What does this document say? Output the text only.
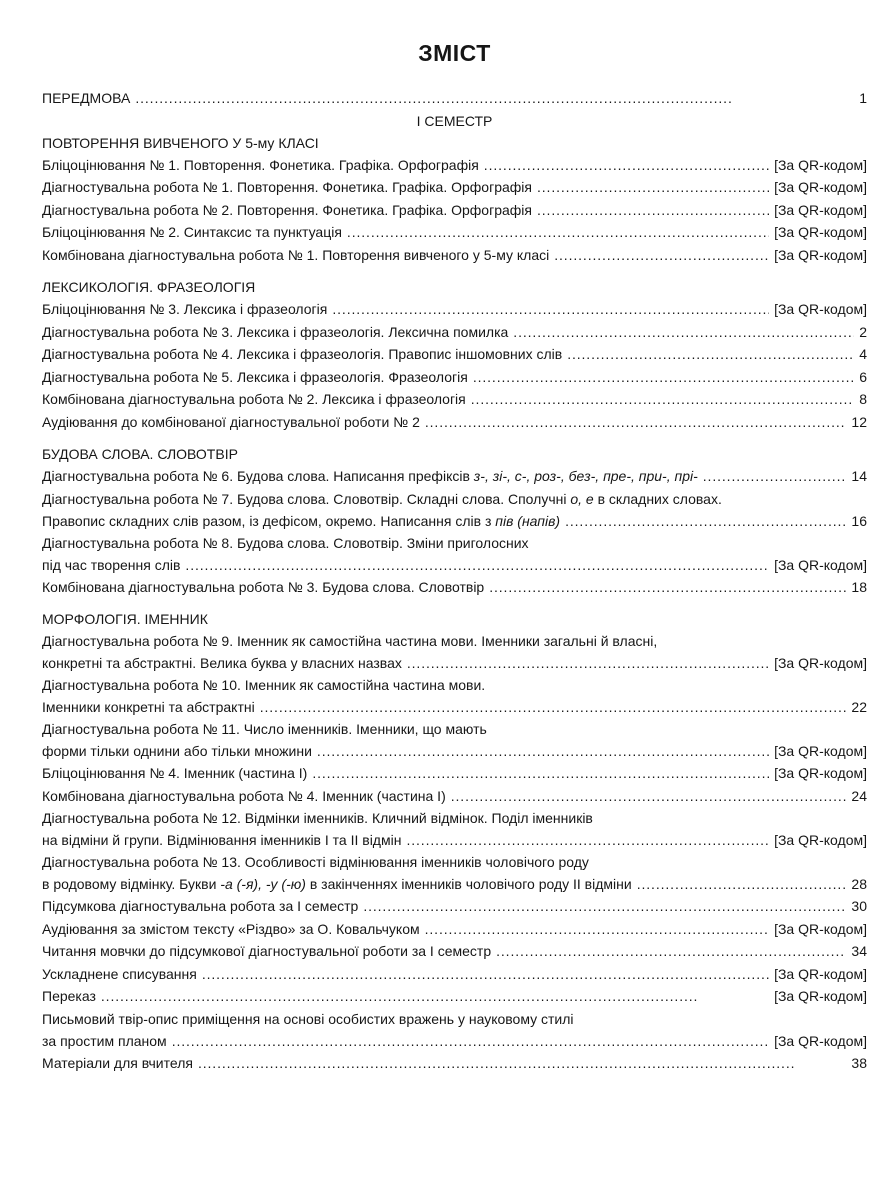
ЗМІСТ
ПЕРЕДМОВА . . .	1
І СЕМЕСТР
ПОВТОРЕННЯ ВИВЧЕНОГО У 5-му КЛАСІ
Бліцоцінювання № 1. Повторення. Фонетика. Графіка. Орфографія . . .	[За QR-кодом]
Діагностувальна робота № 1. Повторення. Фонетика. Графіка. Орфографія . . .	[За QR-кодом]
Діагностувальна робота № 2. Повторення. Фонетика. Графіка. Орфографія . . .	[За QR-кодом]
Бліцоцінювання № 2. Синтаксис та пунктуація . . .	[За QR-кодом]
Комбінована діагностувальна робота № 1. Повторення вивченого у 5-му класі . . .	[За QR-кодом]
ЛЕКСИКОЛОГІЯ. ФРАЗЕОЛОГІЯ
Бліцоцінювання № 3. Лексика і фразеологія . . .	[За QR-кодом]
Діагностувальна робота № 3. Лексика і фразеологія. Лексична помилка . . .	2
Діагностувальна робота № 4. Лексика і фразеологія. Правопис іншомовних слів . . .	4
Діагностувальна робота № 5. Лексика і фразеологія. Фразеологія . . .	6
Комбінована діагностувальна робота № 2. Лексика і фразеологія . . .	8
Аудіювання до комбінованої діагностувальної роботи № 2 . . .	12
БУДОВА СЛОВА. СЛОВОТВІР
Діагностувальна робота № 6. Будова слова. Написання префіксів з-, зі-, с-, роз-, без-, пре-, при-, прі- . . .	14
Діагностувальна робота № 7. Будова слова. Словотвір. Складні слова. Сполучні о, е в складних словах.
Правопис складних слів разом, із дефісом, окремо. Написання слів з пів (напів) . . .	16
Діагностувальна робота № 8. Будова слова. Словотвір. Зміни приголосних
під час творення слів . . .	[За QR-кодом]
Комбінована діагностувальна робота № 3. Будова слова. Словотвір . . .	18
МОРФОЛОГІЯ. ІМЕННИК
Діагностувальна робота № 9. Іменник як самостійна частина мови. Іменники загальні й власні,
конкретні та абстрактні. Велика буква у власних назвах . . .	[За QR-кодом]
Діагностувальна робота № 10. Іменник як самостійна частина мови.
Іменники конкретні та абстрактні . . .	22
Діагностувальна робота № 11. Число іменників. Іменники, що мають
форми тільки однини або тільки множини . . .	[За QR-кодом]
Бліцоцінювання № 4. Іменник (частина І) . . .	[За QR-кодом]
Комбінована діагностувальна робота № 4. Іменник (частина І) . . .	24
Діагностувальна робота № 12. Відмінки іменників. Кличний відмінок. Поділ іменників
на відміни й групи. Відмінювання іменників І та ІІ відмін . . .	[За QR-кодом]
Діагностувальна робота № 13. Особливості відмінювання іменників чоловічого роду
в родовому відмінку. Букви -а (-я), -у (-ю) в закінченнях іменників чоловічого роду ІІ відміни . . .	28
Підсумкова діагностувальна робота за І семестр . . .	30
Аудіювання за змістом тексту «Різдво» за О. Ковальчуком . . .	[За QR-кодом]
Читання мовчки до підсумкової діагностувальної роботи за І семестр . . .	34
Ускладнене списування . . .	[За QR-кодом]
Переказ . . .	[За QR-кодом]
Письмовий твір-опис приміщення на основі особистих вражень у науковому стилі
за простим планом . . .	[За QR-кодом]
Матеріали для вчителя . . .	38
